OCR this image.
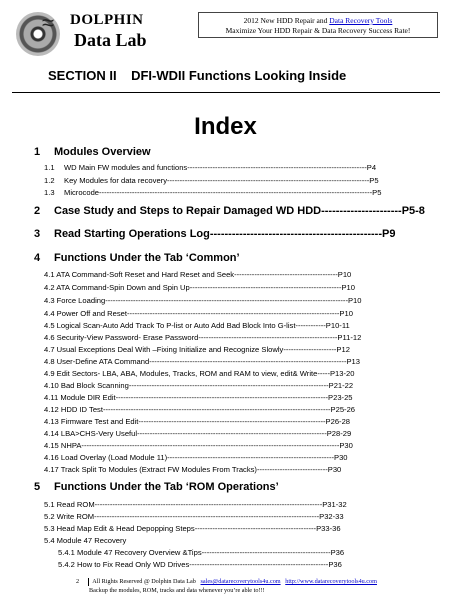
≈ DOLPHIN
Data Lab
2012 New HDD Repair and Data Recovery Tools
Maximize Your HDD Repair & Data Recovery Success Rate!
SECTION II    DFI-WDII Functions Looking Inside
Index
1 Modules Overview
1.1 WD Main FW modules and functions-----------------------------------------------------------------------P4
1.2 Key Modules for data recovery--------------------------------------------------------------------------------P5
1.3 Microcode------------------------------------------------------------------------------------------------------------P5
2 Case Study and Steps to Repair Damaged WD HDD----------------------P5-8
3 Read Starting Operations Log-----------------------------------------------P9
4 Functions Under the Tab ‘Common’
4.1 ATA Command-Soft Reset and Hard Reset and Seek-----------------------------------------P10
4.2 ATA Command-Spin Down and Spin Up------------------------------------------------------------P10
4.3 Force Loading------------------------------------------------------------------------------------------------P10
4.4 Power Off and Reset------------------------------------------------------------------------------------P10
4.5 Logical Scan-Auto Add Track To P-list or Auto Add Bad Block Into G-list------------P10-11
4.6 Security-View Password- Erase Password-------------------------------------------------------P11-12
4.7 Usual Exceptions Deal With –Fixing Initialize and Recognize Slowly---------------------P12
4.8 User-Define ATA Command------------------------------------------------------------------------------P13
4.9 Edit Sectors- LBA, ABA, Modules, Tracks, ROM and RAM to view, edit& Write-----P13-20
4.10 Bad Block Scanning-------------------------------------------------------------------------------P21-22
4.11 Module DIR Edit------------------------------------------------------------------------------------P23-25
4.12 HDD ID Test------------------------------------------------------------------------------------------P25-26
4.13 Firmware Test and Edit--------------------------------------------------------------------------P26-28
4.14 LBA>CHS-Very Useful---------------------------------------------------------------------------P28-29
4.15 NHPA------------------------------------------------------------------------------------------------------P30
4.16 Load Overlay (Load Module 11)------------------------------------------------------------------P30
4.17 Track Split To Modules (Extract FW Modules From Tracks)----------------------------P30
5 Functions Under the Tab ‘ROM Operations’
5.1 Read ROM------------------------------------------------------------------------------------------P31-32
5.2 Write ROM-----------------------------------------------------------------------------------------P32-33
5.3 Head Map Edit & Head Depopping Steps------------------------------------------------P33-36
5.4 Module 47 Recovery
5.4.1 Module 47 Recovery Overview &Tips---------------------------------------------------P36
5.4.2 How to Fix Read Only WD Drives-------------------------------------------------------P36
2 All Rights Reserved @ Dolphin Data Lab sales@datarecoverytools4u.com http://www.datarecoverytools4u.com
Backup the modules, ROM, tracks and data whenever you’re able to!!!
